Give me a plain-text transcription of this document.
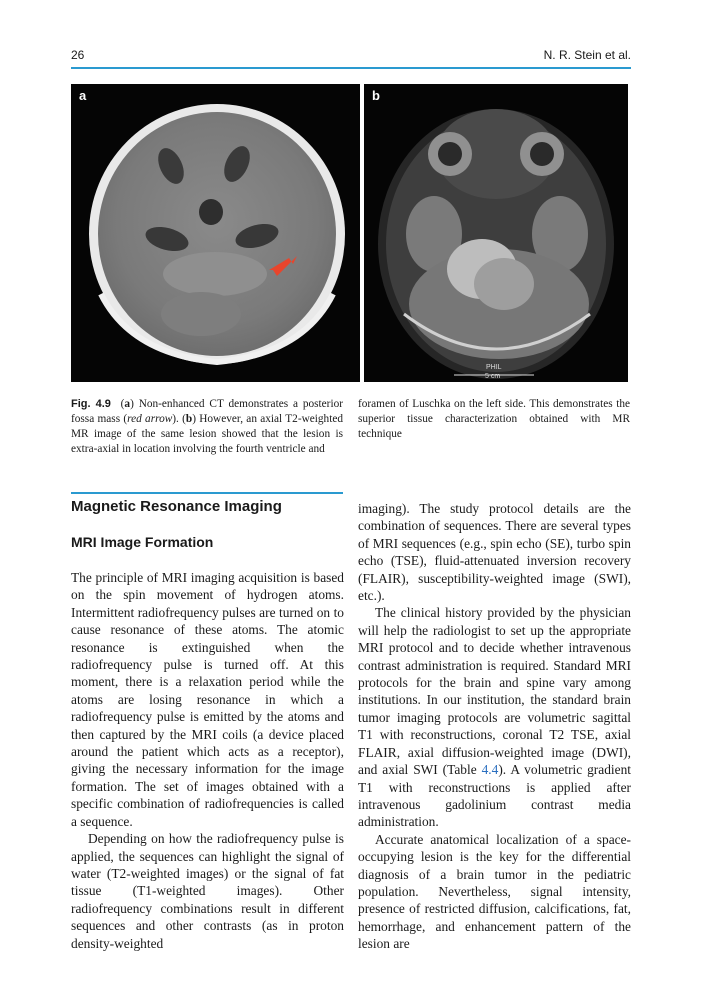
26	N. R. Stein et al.
a	b
PHIL
5 cm
Fig. 4.9 (a) Non-enhanced CT demonstrates a posterior fossa mass (red arrow). (b) However, an axial T2-weighted MR image of the same lesion showed that the lesion is extra-axial in location involving the fourth ventricle and
foramen of Luschka on the left side. This demonstrates the superior tissue characterization obtained with MR technique
Magnetic Resonance Imaging
MRI Image Formation

The principle of MRI imaging acquisition is based on the spin movement of hydrogen atoms. Intermittent radiofrequency pulses are turned on to cause resonance of these atoms. The atomic resonance is extinguished when the radiofrequency pulse is turned off. At this moment, there is a relaxation period while the atoms are losing resonance in which a radiofrequency pulse is emitted by the atoms and then captured by the MRI coils (a device placed around the patient which acts as a receptor), giving the necessary information for the image formation. The set of images obtained with a specific combination of radiofrequencies is called a sequence.

Depending on how the radiofrequency pulse is applied, the sequences can highlight the signal of water (T2-weighted images) or the signal of fat tissue (T1-weighted images). Other radiofrequency combinations result in different sequences and other contrasts (as in proton density-weighted

imaging). The study protocol details are the combination of sequences. There are several types of MRI sequences (e.g., spin echo (SE), turbo spin echo (TSE), fluid-attenuated inversion recovery (FLAIR), susceptibility-weighted image (SWI), etc.).

The clinical history provided by the physician will help the radiologist to set up the appropriate MRI protocol and to decide whether intravenous contrast administration is required. Standard MRI protocols for the brain and spine vary among institutions. In our institution, the standard brain tumor imaging protocols are volumetric sagittal T1 with reconstructions, coronal T2 TSE, axial FLAIR, axial diffusion-weighted image (DWI), and axial SWI (Table 4.4). A volumetric gradient T1 with reconstructions is applied after intravenous gadolinium contrast media administration.

Accurate anatomical localization of a space-occupying lesion is the key for the differential diagnosis of a brain tumor in the pediatric population. Nevertheless, signal intensity, presence of restricted diffusion, calcifications, fat, hemorrhage, and enhancement pattern of the lesion are
